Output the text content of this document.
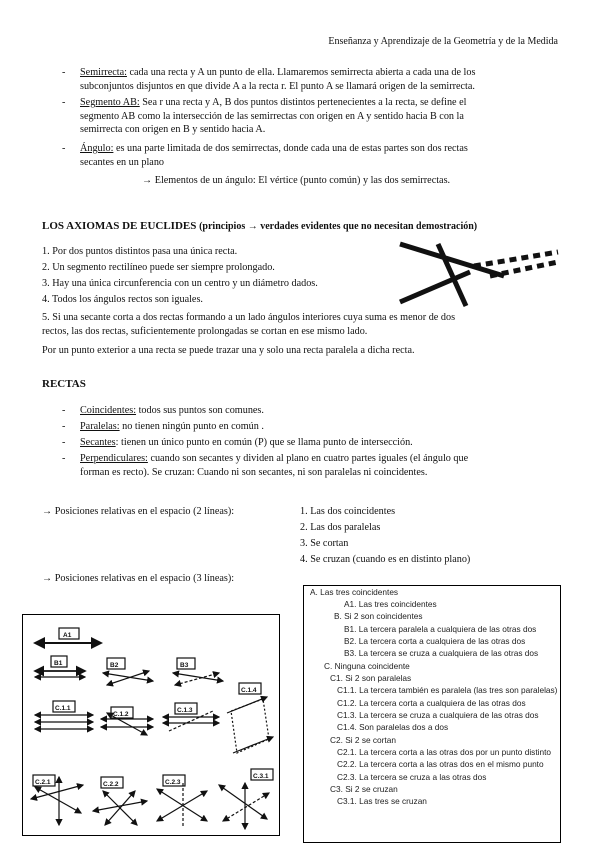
Enseñanza y Aprendizaje de la Geometría y de la Medida
- Semirrecta: cada una recta y A un punto de ella. Llamaremos semirrecta abierta a cada una de los
subconjuntos disjuntos en que divide A a la recta r. El punto A se llamará origen de la semirrecta.
- Segmento AB: Sea r una recta y A, B dos puntos distintos pertenecientes a la recta, se define el
segmento AB como la intersección de las semirrectas con origen en A y sentido hacia B con la
semirrecta con origen en B y sentido hacia A.
- Ángulo: es una parte limitada de dos semirrectas, donde cada una de estas partes son dos rectas
secantes en un plano
→ Elementos de un ángulo: El vértice (punto común) y las dos semirrectas.
LOS AXIOMAS DE EUCLIDES (principios → verdades evidentes que no necesitan demostración)
1. Por dos puntos distintos pasa una única recta.
2. Un segmento rectilíneo puede ser siempre prolongado.
3. Hay una única circunferencia con un centro y un diámetro dados.
4. Todos los ángulos rectos son iguales.
5. Si una secante corta a dos rectas formando a un lado ángulos interiores cuya suma es menor de dos
rectos, las dos rectas, suficientemente prolongadas se cortan en ese mismo lado.
Por un punto exterior a una recta se puede trazar una y solo una recta paralela a dicha recta.
RECTAS
- Coincidentes: todos sus puntos son comunes.
- Paralelas: no tienen ningún punto en común .
- Secantes: tienen un único punto en común (P) que se llama punto de intersección.
- Perpendiculares: cuando son secantes y dividen al plano en cuatro partes iguales (el ángulo que
forman es recto). Se cruzan: Cuando ni son secantes, ni son paralelas ni coincidentes.
→ Posiciones relativas en el espacio (2 líneas):	1. Las dos coincidentes
2. Las dos paralelas
3. Se cortan
4. Se cruzan (cuando es en distinto plano)
→ Posiciones relativas en el espacio (3 líneas):
A. Las tres coincidentes
A1. Las tres coincidentes
B. Si 2 son coincidentes
B1. La tercera paralela a cualquiera de las otras dos
B2. La tercera corta a cualquiera de las otras dos
B3. La tercera se cruza a cualquiera de las otras dos
C. Ninguna coincidente
C1. Si 2 son paralelas
C1.1. La tercera también es paralela (las tres son paralelas)
C1.2. La tercera corta a cualquiera de las otras dos
C1.3. La tercera se cruza a cualquiera de las otras dos
C1.4. Son paralelas dos a dos
C2. Si 2 se cortan
C2.1. La tercera corta a las otras dos por un punto distinto
C2.2. La tercera corta a las otras dos en el mismo punto
C2.3. La tercera se cruza a las otras dos
C3. Si 2 se cruzan
C3.1. Las tres se cruzan
A1
B1	B2	B3
C.1.1
C.1.2
C.1.3
C.1.4
C.2.1	C.2.2	C.2.3
C.3.1
